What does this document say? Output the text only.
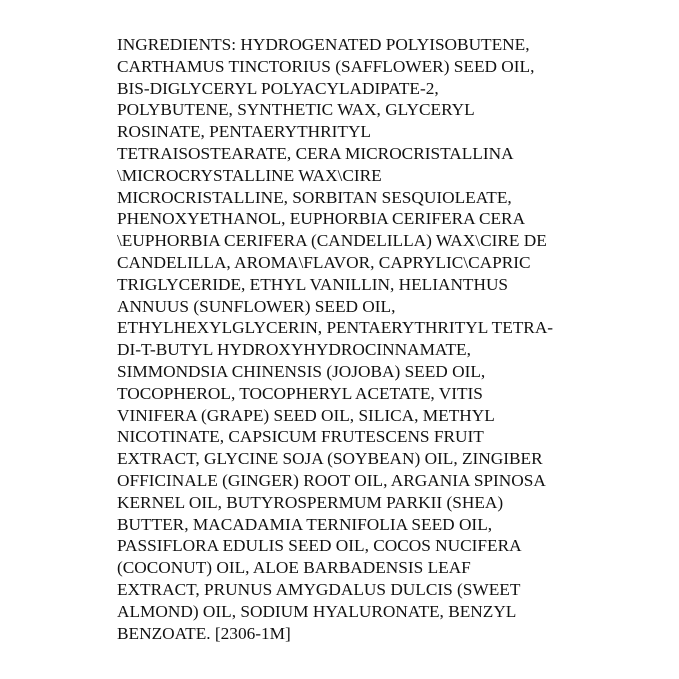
INGREDIENTS: HYDROGENATED POLYISOBUTENE,
CARTHAMUS TINCTORIUS (SAFFLOWER) SEED OIL,
BIS-DIGLYCERYL POLYACYLADIPATE-2,
POLYBUTENE, SYNTHETIC WAX, GLYCERYL
ROSINATE, PENTAERYTHRITYL
TETRAISOSTEARATE, CERA MICROCRISTALLINA
\MICROCRYSTALLINE WAX\CIRE
MICROCRISTALLINE, SORBITAN SESQUIOLEATE,
PHENOXYETHANOL, EUPHORBIA CERIFERA CERA
\EUPHORBIA CERIFERA (CANDELILLA) WAX\CIRE DE
CANDELILLA, AROMA\FLAVOR, CAPRYLIC\CAPRIC
TRIGLYCERIDE, ETHYL VANILLIN, HELIANTHUS
ANNUUS (SUNFLOWER) SEED OIL,
ETHYLHEXYLGLYCERIN, PENTAERYTHRITYL TETRA-
DI-T-BUTYL HYDROXYHYDROCINNAMATE,
SIMMONDSIA CHINENSIS (JOJOBA) SEED OIL,
TOCOPHEROL, TOCOPHERYL ACETATE, VITIS
VINIFERA (GRAPE) SEED OIL, SILICA, METHYL
NICOTINATE, CAPSICUM FRUTESCENS FRUIT
EXTRACT, GLYCINE SOJA (SOYBEAN) OIL, ZINGIBER
OFFICINALE (GINGER) ROOT OIL, ARGANIA SPINOSA
KERNEL OIL, BUTYROSPERMUM PARKII (SHEA)
BUTTER, MACADAMIA TERNIFOLIA SEED OIL,
PASSIFLORA EDULIS SEED OIL, COCOS NUCIFERA
(COCONUT) OIL, ALOE BARBADENSIS LEAF
EXTRACT, PRUNUS AMYGDALUS DULCIS (SWEET
ALMOND) OIL, SODIUM HYALURONATE, BENZYL
BENZOATE. [2306-1M]
